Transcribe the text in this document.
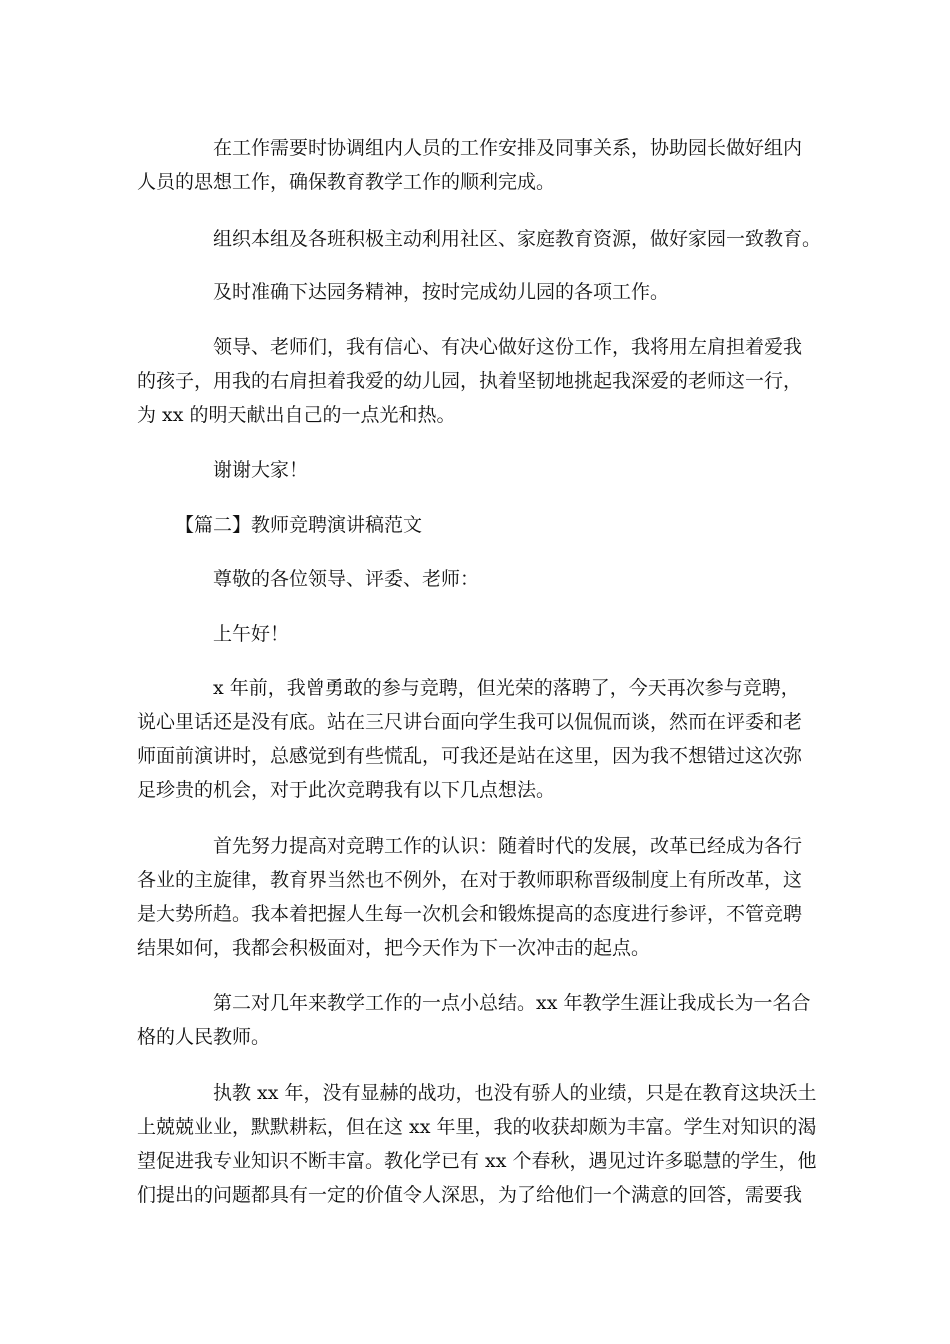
在工作需要时协调组内人员的工作安排及同事关系，协助园长做好组内
人员的思想工作，确保教育教学工作的顺利完成。

组织本组及各班积极主动利用社区、家庭教育资源，做好家园一致教育。

及时准确下达园务精神，按时完成幼儿园的各项工作。

领导、老师们，我有信心、有决心做好这份工作，我将用左肩担着爱我
的孩子，用我的右肩担着我爱的幼儿园，执着坚韧地挑起我深爱的老师这一行，
为 xx 的明天献出自己的一点光和热。

谢谢大家！

【篇二】教师竞聘演讲稿范文

尊敬的各位领导、评委、老师：

上午好！

x 年前，我曾勇敢的参与竞聘，但光荣的落聘了，今天再次参与竞聘，
说心里话还是没有底。站在三尺讲台面向学生我可以侃侃而谈，然而在评委和老
师面前演讲时，总感觉到有些慌乱，可我还是站在这里，因为我不想错过这次弥
足珍贵的机会，对于此次竞聘我有以下几点想法。

首先努力提高对竞聘工作的认识：随着时代的发展，改革已经成为各行
各业的主旋律，教育界当然也不例外，在对于教师职称晋级制度上有所改革，这
是大势所趋。我本着把握人生每一次机会和锻炼提高的态度进行参评，不管竞聘
结果如何，我都会积极面对，把今天作为下一次冲击的起点。

第二对几年来教学工作的一点小总结。xx 年教学生涯让我成长为一名合
格的人民教师。

执教 xx 年，没有显赫的战功，也没有骄人的业绩，只是在教育这块沃土
上兢兢业业，默默耕耘，但在这 xx 年里，我的收获却颇为丰富。学生对知识的渴
望促进我专业知识不断丰富。教化学已有 xx 个春秋，遇见过许多聪慧的学生，他
们提出的问题都具有一定的价值令人深思，为了给他们一个满意的回答，需要我
